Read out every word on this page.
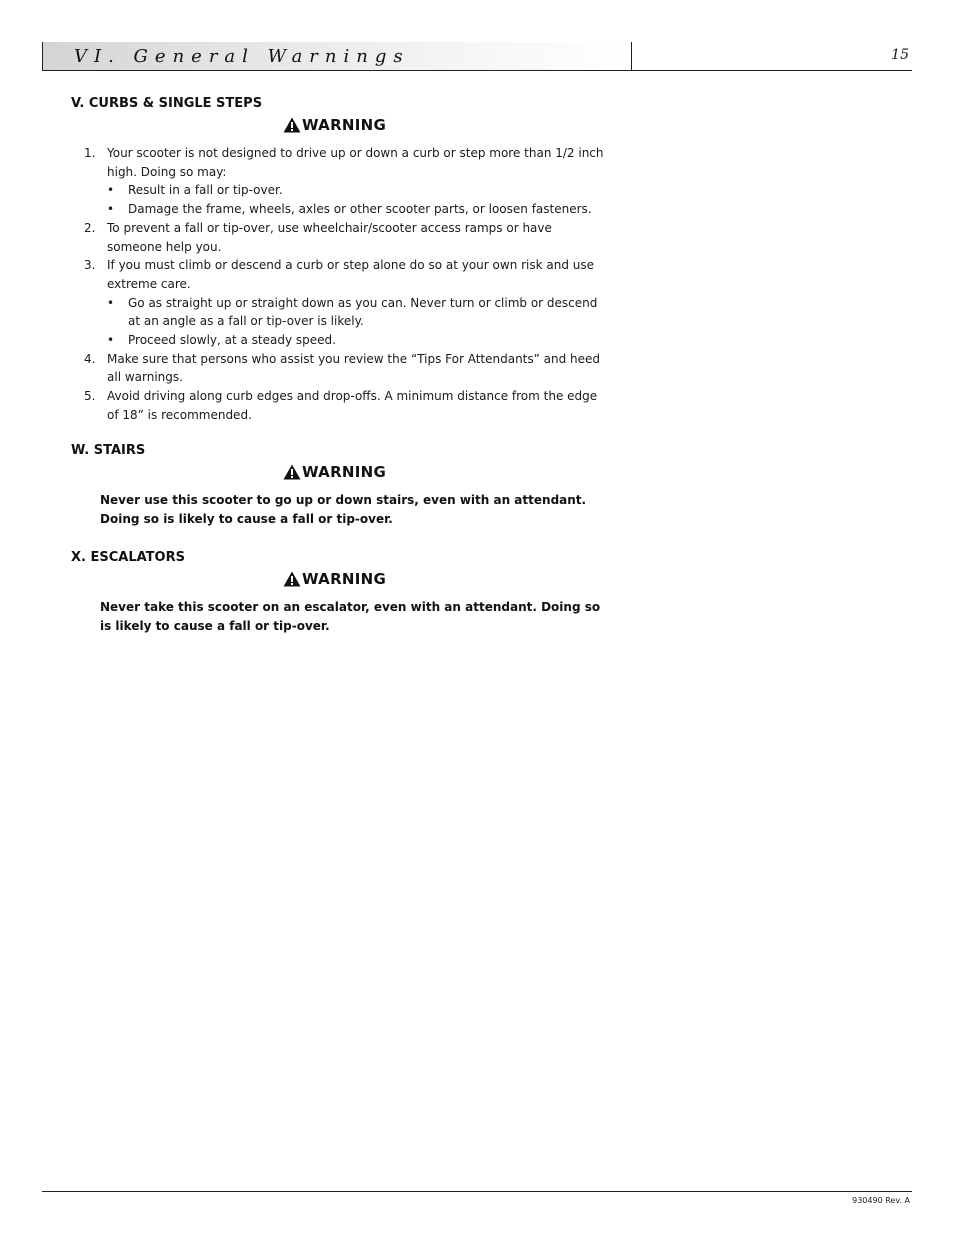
VI. General Warnings	15
V. CURBS & SINGLE STEPS
WARNING
1. Your scooter is not designed to drive up or down a curb or step more than 1/2 inch high. Doing so may:
• Result in a fall or tip-over.
• Damage the frame, wheels, axles or other scooter parts, or loosen fasteners.
2. To prevent a fall or tip-over, use wheelchair/scooter access ramps or have someone help you.
3. If you must climb or descend a curb or step alone do so at your own risk and use extreme care.
• Go as straight up or straight down as you can. Never turn or climb or descend at an angle as a fall or tip-over is likely.
• Proceed slowly, at a steady speed.
4. Make sure that persons who assist you review the “Tips For Attendants” and heed all warnings.
5. Avoid driving along curb edges and drop-offs. A minimum distance from the edge of 18” is recommended.
W. STAIRS
WARNING

Never use this scooter to go up or down stairs, even with an attendant. Doing so is likely to cause a fall or tip-over.

X. ESCALATORS
WARNING

Never take this scooter on an escalator, even with an attendant. Doing so is likely to cause a fall or tip-over.

930490 Rev. A
